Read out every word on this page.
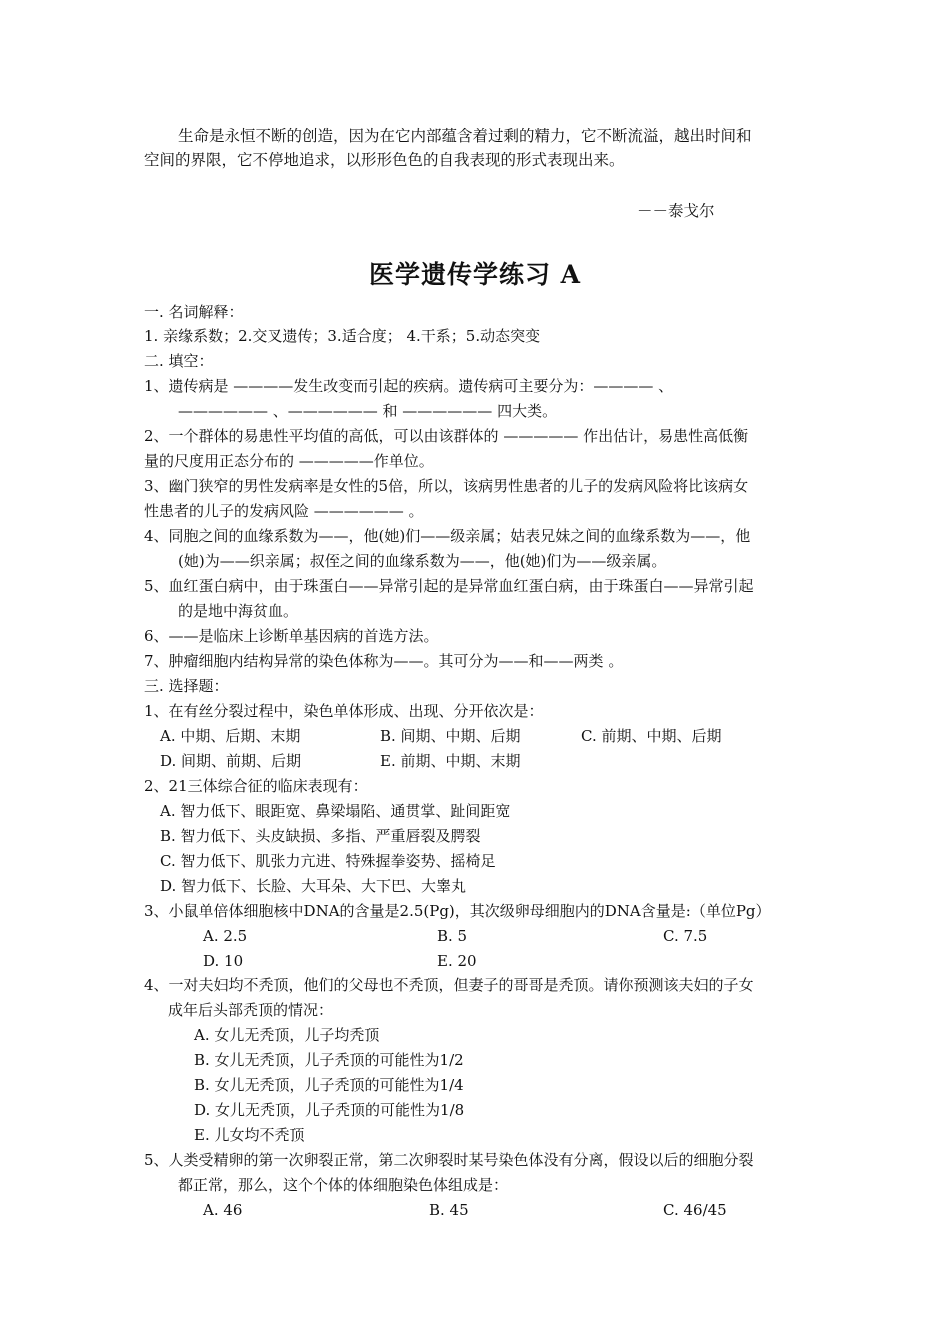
生命是永恒不断的创造，因为在它内部蕴含着过剩的精力，它不断流溢，越出时间和
空间的界限，它不停地追求，以形形色色的自我表现的形式表现出来。
－－泰戈尔
医学遗传学练习 A
一. 名词解释：
1. 亲缘系数；2.交叉遗传；3.适合度； 4.干系；5.动态突变
二. 填空：
1、遗传病是 ————发生改变而引起的疾病。遗传病可主要分为：———— 、
—————— 、—————— 和 —————— 四大类。
2、一个群体的易患性平均值的高低，可以由该群体的 ————— 作出估计，易患性高低衡
量的尺度用正态分布的 —————作单位。
3、幽门狭窄的男性发病率是女性的5倍，所以，该病男性患者的儿子的发病风险将比该病女
性患者的儿子的发病风险 —————— 。
4、同胞之间的血缘系数为——，他(她)们——级亲属；姑表兄妹之间的血缘系数为——，他
(她)为——织亲属；叔侄之间的血缘系数为——，他(她)们为——级亲属。
5、血红蛋白病中，由于珠蛋白——异常引起的是异常血红蛋白病，由于珠蛋白——异常引起
的是地中海贫血。
6、——是临床上诊断单基因病的首选方法。
7、肿瘤细胞内结构异常的染色体称为——。其可分为——和——两类 。
三. 选择题：
1、在有丝分裂过程中，染色单体形成、出现、分开依次是：
A. 中期、后期、末期	B. 间期、中期、后期	C. 前期、中期、后期
D. 间期、前期、后期	E. 前期、中期、末期
2、21三体综合征的临床表现有：
A. 智力低下、眼距宽、鼻梁塌陷、通贯掌、趾间距宽
B. 智力低下、头皮缺损、多指、严重唇裂及腭裂
C. 智力低下、肌张力亢进、特殊握拳姿势、摇椅足
D. 智力低下、长脸、大耳朵、大下巴、大睾丸
3、小鼠单倍体细胞核中DNA的含量是2.5(Pg)，其次级卵母细胞内的DNA含量是:（单位Pg）
A. 2.5	B. 5	C. 7.5
D. 10	E. 20
4、一对夫妇均不秃顶，他们的父母也不秃顶，但妻子的哥哥是秃顶。请你预测该夫妇的子女
成年后头部秃顶的情况：
A. 女儿无秃顶，儿子均秃顶
B. 女儿无秃顶，儿子秃顶的可能性为1/2
B. 女儿无秃顶，儿子秃顶的可能性为1/4
D. 女儿无秃顶，儿子秃顶的可能性为1/8
E. 儿女均不秃顶
5、人类受精卵的第一次卵裂正常，第二次卵裂时某号染色体没有分离，假设以后的细胞分裂
都正常，那么，这个个体的体细胞染色体组成是：
A. 46	B. 45	C. 46/45
